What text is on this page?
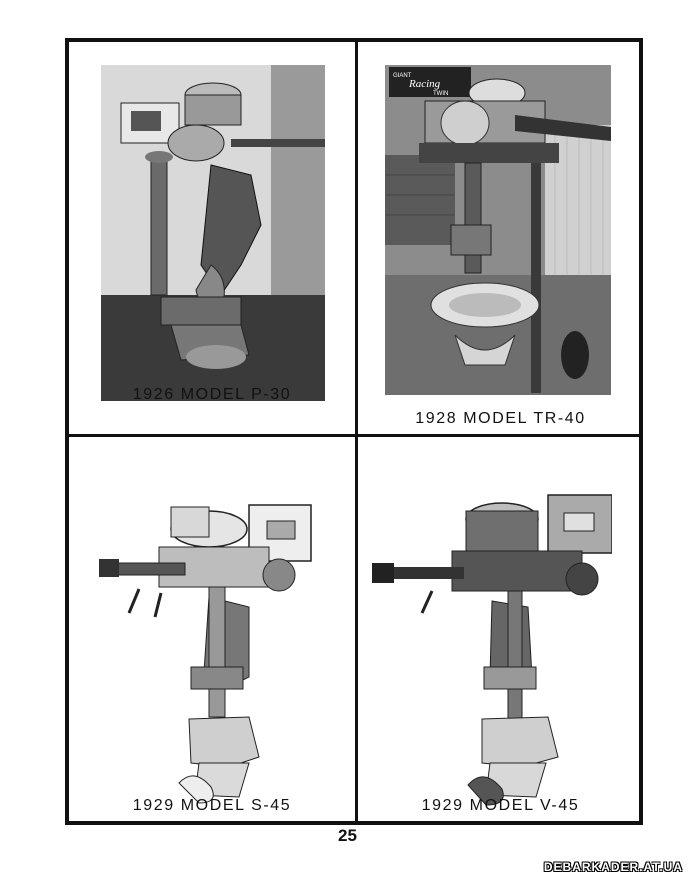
1926 MODEL P-30
GIANT
Racing
TWIN
1928 MODEL TR-40
1929 MODEL S-45	1929 MODEL V-45
25
DEBARKADER.AT.UA
